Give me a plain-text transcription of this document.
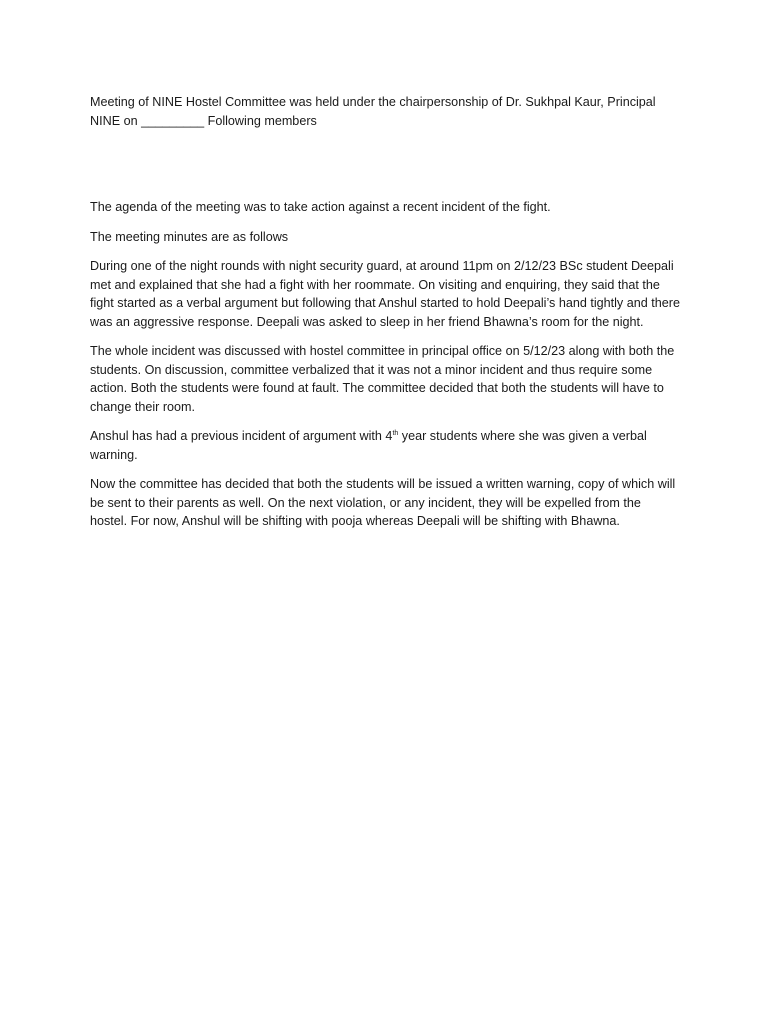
Meeting of NINE Hostel Committee was held under the chairpersonship of Dr. Sukhpal Kaur, Principal NINE on _________ Following members

The agenda of the meeting was to take action against a recent incident of the fight.

The meeting minutes are as follows

During one of the night rounds with night security guard, at around 11pm on 2/12/23 BSc student Deepali met and explained that she had a fight with her roommate. On visiting and enquiring, they said that the fight started as a verbal argument but following that Anshul started to hold Deepali’s hand tightly and there was an aggressive response. Deepali was asked to sleep in her friend Bhawna’s room for the night.

The whole incident was discussed with hostel committee in principal office on 5/12/23 along with both the students. On discussion, committee verbalized that it was not a minor incident and thus require some action. Both the students were found at fault. The committee decided that both the students will have to change their room.

Anshul has had a previous incident of argument with 4th year students where she was given a verbal warning.

Now the committee has decided that both the students will be issued a written warning, copy of which will be sent to their parents as well. On the next violation, or any incident, they will be expelled from the hostel. For now, Anshul will be shifting with pooja whereas Deepali will be shifting with Bhawna.
